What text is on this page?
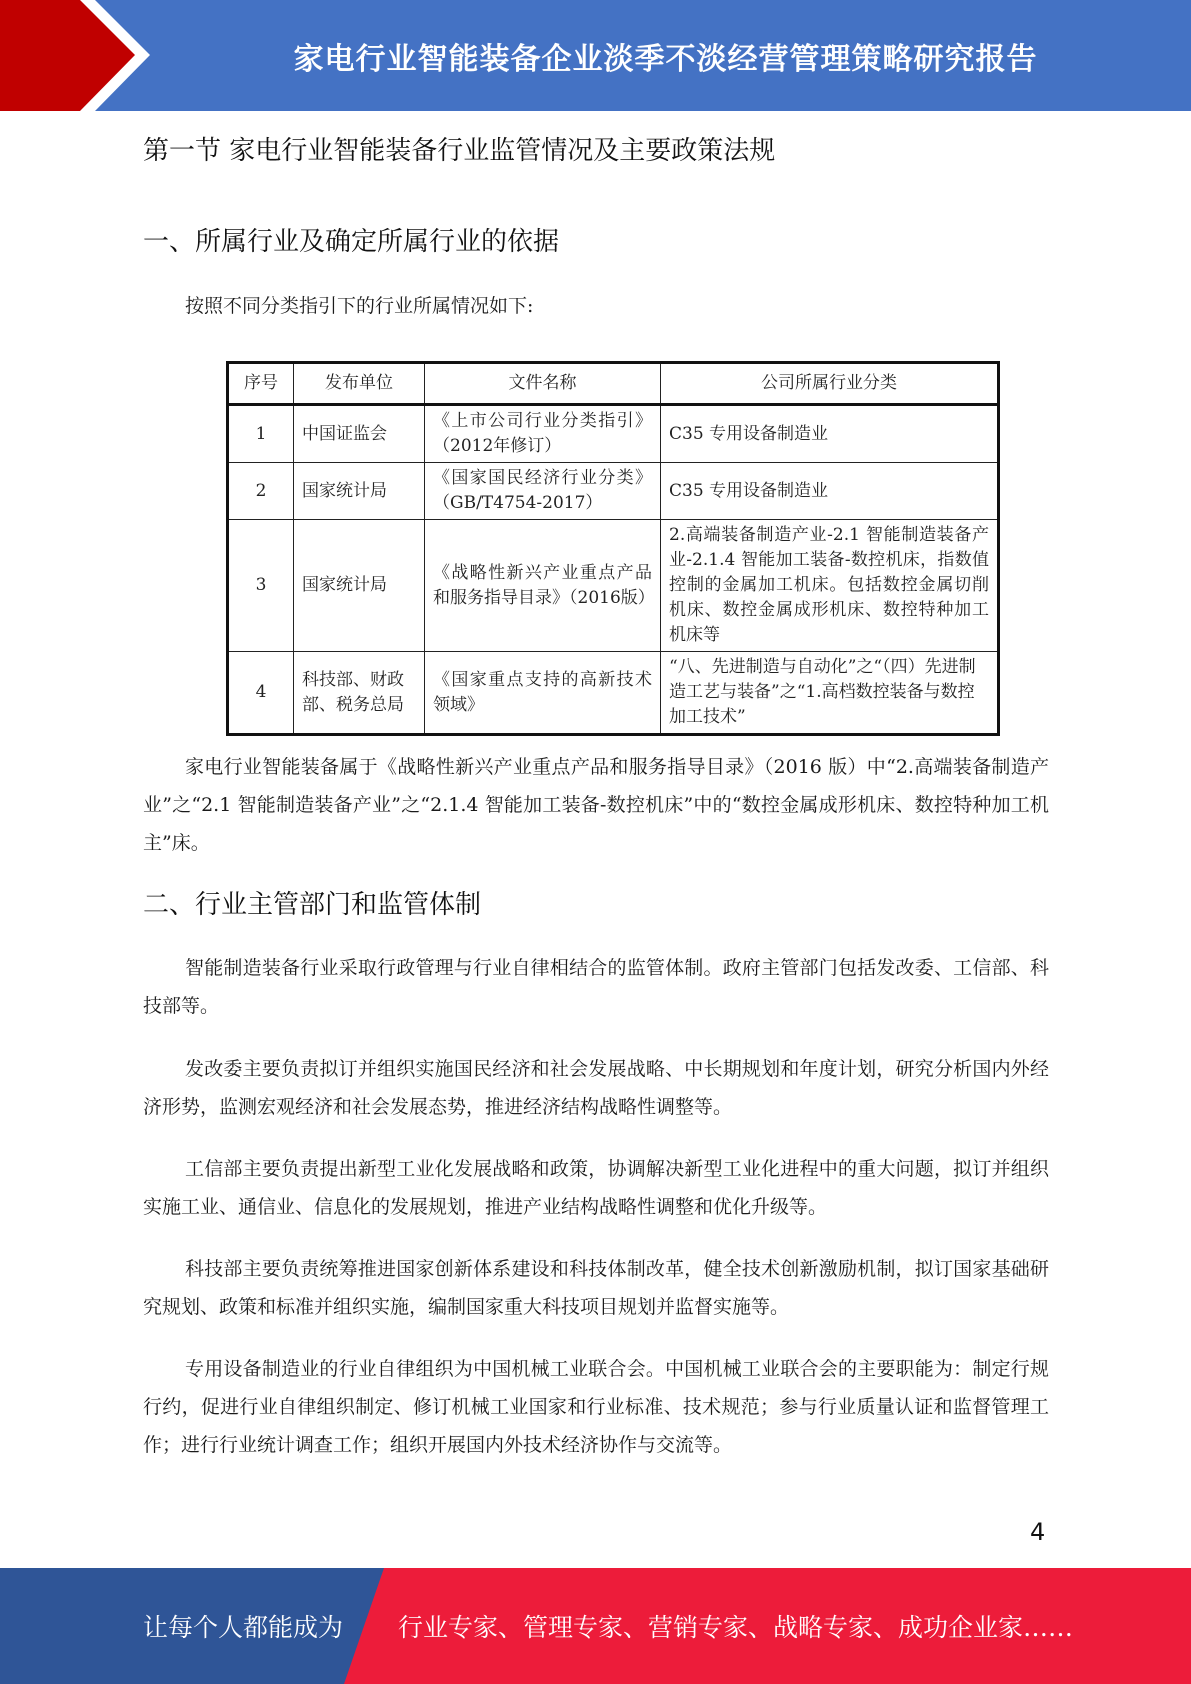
家电行业智能装备企业淡季不淡经营管理策略研究报告
第一节 家电行业智能装备行业监管情况及主要政策法规
一、所属行业及确定所属行业的依据

按照不同分类指引下的行业所属情况如下:

序号	发布单位	文件名称	公司所属行业分类
1	中国证监会	《上市公司行业分类指引》（2012年修订）	C35 专用设备制造业
2	国家统计局	《国家国民经济行业分类》（GB/T4754-2017）	C35 专用设备制造业
3	国家统计局	《战略性新兴产业重点产品和服务指导目录》（2016版）	2.高端装备制造产业-2.1 智能制造装备产业-2.1.4 智能加工装备-数控机床，指数值控制的金属加工机床。包括数控金属切削机床、数控金属成形机床、数控特种加工机床等
4	科技部、财政部、税务总局	《国家重点支持的高新技术领域》	“八、先进制造与自动化”之“（四）先进制造工艺与装备”之“1.高档数控装备与数控加工技术”

家电行业智能装备属于《战略性新兴产业重点产品和服务指导目录》（2016 版）中“2.高端装备制造产业”之“2.1 智能制造装备产业”之“2.1.4 智能加工装备-数控机床”中的“数控金属成形机床、数控特种加工机主”床。

二、行业主管部门和监管体制

智能制造装备行业采取行政管理与行业自律相结合的监管体制。政府主管部门包括发改委、工信部、科技部等。

发改委主要负责拟订并组织实施国民经济和社会发展战略、中长期规划和年度计划，研究分析国内外经济形势，监测宏观经济和社会发展态势，推进经济结构战略性调整等。

工信部主要负责提出新型工业化发展战略和政策，协调解决新型工业化进程中的重大问题，拟订并组织实施工业、通信业、信息化的发展规划，推进产业结构战略性调整和优化升级等。

科技部主要负责统筹推进国家创新体系建设和科技体制改革，健全技术创新激励机制，拟订国家基础研究规划、政策和标准并组织实施，编制国家重大科技项目规划并监督实施等。

专用设备制造业的行业自律组织为中国机械工业联合会。中国机械工业联合会的主要职能为：制定行规行约，促进行业自律组织制定、修订机械工业国家和行业标准、技术规范；参与行业质量认证和监督管理工作；进行行业统计调查工作；组织开展国内外技术经济协作与交流等。

4
让每个人都能成为 行业专家、管理专家、营销专家、战略专家、成功企业家……
